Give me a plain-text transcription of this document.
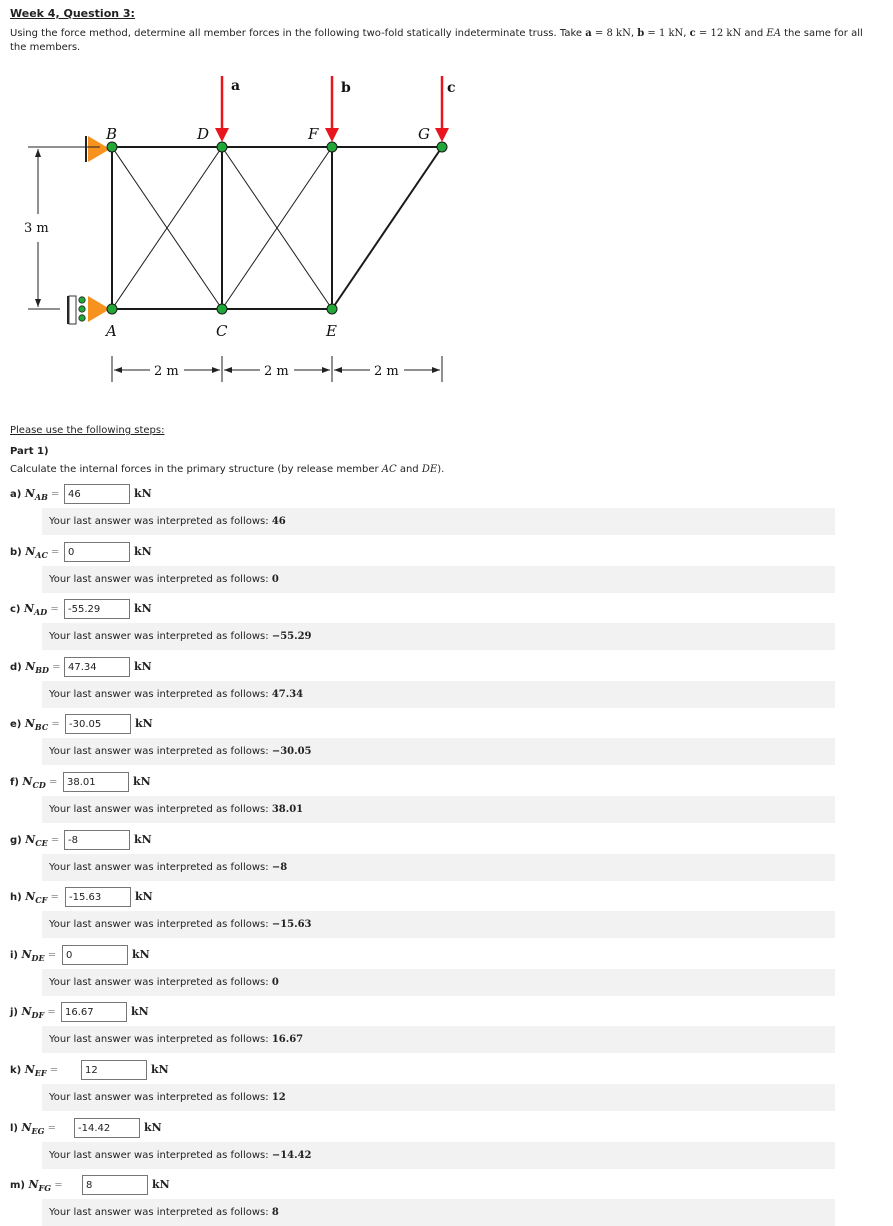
Week 4, Question 3:
Using the force method, determine all member forces in the following two-fold statically indeterminate truss. Take a = 8 kN, b = 1 kN, c = 12 kN and EA the same for all the members.
a	b	c
B	D	F	G
A	C	E
3 m
2 m	2 m	2 m
Please use the following steps:
Part 1)
Calculate the internal forces in the primary structure (by release member AC and DE).
a) $N_{AB}$ =
46	kN
Your last answer was interpreted as follows: 46
b) $N_{AC}$ =
0	kN
Your last answer was interpreted as follows: 0
c) $N_{AD}$ =
-55.29	kN
Your last answer was interpreted as follows: −55.29
d) $N_{BD}$ =
47.34	kN
Your last answer was interpreted as follows: 47.34
e) $N_{BC}$ =
-30.05	kN
Your last answer was interpreted as follows: −30.05
f) $N_{CD}$ =
38.01	kN
Your last answer was interpreted as follows: 38.01
g) $N_{CE}$ =
-8	kN
Your last answer was interpreted as follows: −8
h) $N_{CF}$ =
-15.63	kN
Your last answer was interpreted as follows: −15.63
i) $N_{DE}$ =
0	kN
Your last answer was interpreted as follows: 0
j) $N_{DF}$ =
16.67	kN
Your last answer was interpreted as follows: 16.67
k) $N_{EF}$ =
12	kN
Your last answer was interpreted as follows: 12
l) $N_{EG}$ =
-14.42	kN
Your last answer was interpreted as follows: −14.42
m) $N_{FG}$ =
8	kN
Your last answer was interpreted as follows: 8
